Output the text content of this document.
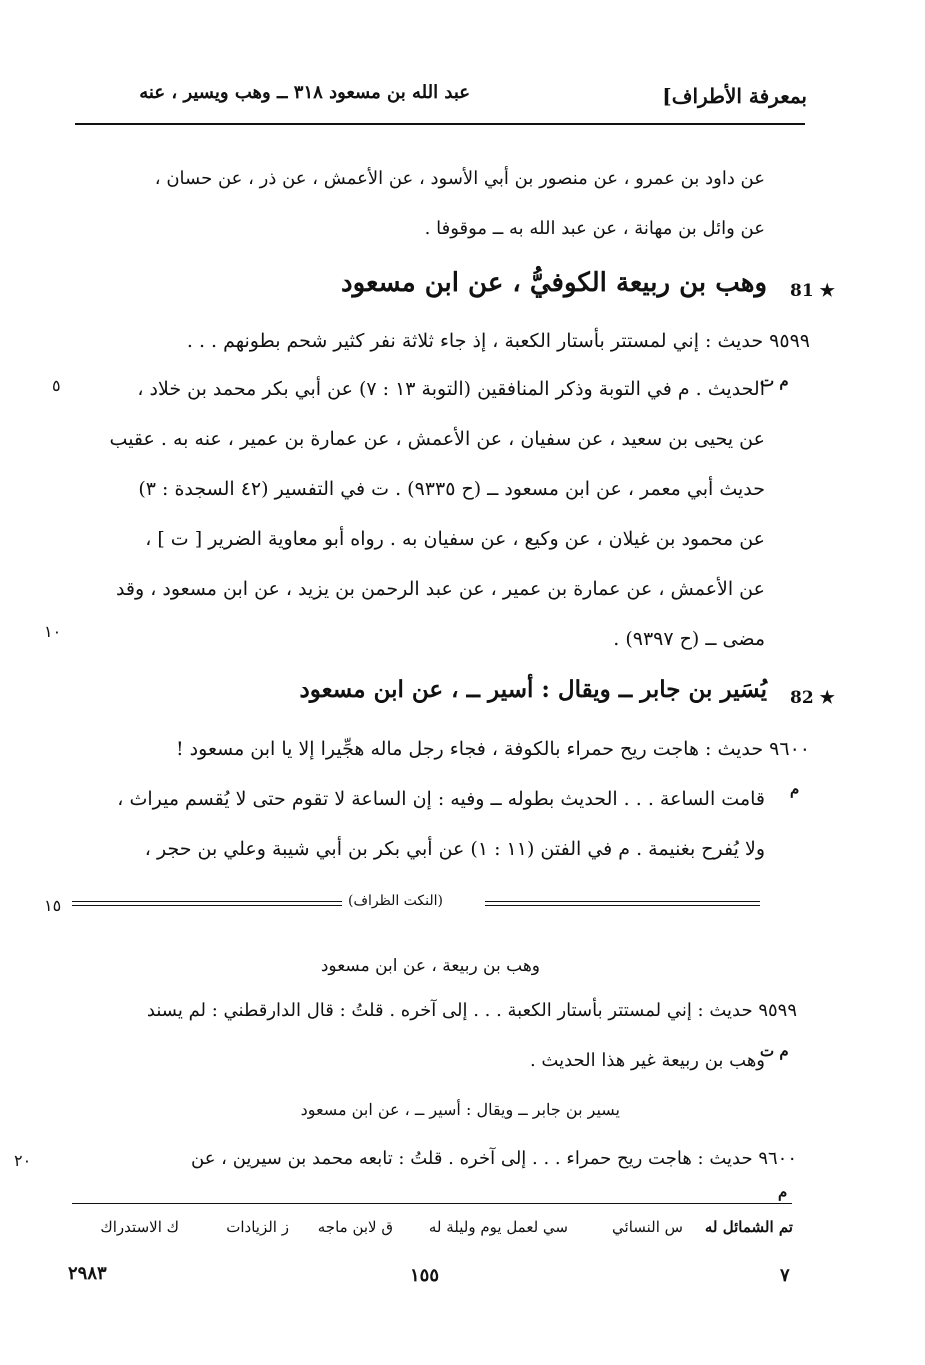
بمعرفة الأطراف]
عبد الله بن مسعود ٣١٨ ــ وهب ويسير ، عنه
عن داود بن عمرو ، عن منصور بن أبي الأسود ، عن الأعمش ، عن ذر ، عن حسان ،
عن وائل بن مهانة ، عن عبد الله به ــ موقوفا .
81 ★
وهب بن ربيعة الكوفيُّ ، عن ابن مسعود
٩٥٩٩ حديث : إني لمستتر بأستار الكعبة ، إذ جاء ثلاثة نفر كثير شحم بطونهم . . .
الحديث . م في التوبة وذكر المنافقين (التوبة ١٣ : ٧) عن أبي بكر محمد بن خلاد ،
عن يحيى بن سعيد ، عن سفيان ، عن الأعمش ، عن عمارة بن عمير ، عنه به . عقيب
حديث أبي معمر ، عن ابن مسعود ــ (ح ٩٣٣٥) . ت في التفسير (٤٢ السجدة : ٣)
عن محمود بن غيلان ، عن وكيع ، عن سفيان به . رواه أبو معاوية الضرير [ ت ] ،
عن الأعمش ، عن عمارة بن عمير ، عن عبد الرحمن بن يزيد ، عن ابن مسعود ، وقد
مضى ــ (ح ٩٣٩٧) .
م ت
٥
١٠
82 ★
يُسَير بن جابر ــ ويقال : أسير ــ ، عن ابن مسعود
٩٦٠٠ حديث : هاجت ريح حمراء بالكوفة ، فجاء رجل ماله هجِّيرا إلا يا ابن مسعود !
قامت الساعة . . . الحديث بطوله ــ وفيه : إن الساعة لا تقوم حتى لا يُقسم ميراث ،
ولا يُفرح بغنيمة . م في الفتن (١١ : ١) عن أبي بكر بن أبي شيبة وعلي بن حجر ،
م
(النكت الظراف)
١٥
وهب بن ربيعة ، عن ابن مسعود
٩٥٩٩ حديث : إني لمستتر بأستار الكعبة . . . إلى آخره . قلتُ : قال الدارقطني : لم يسند
وهب بن ربيعة غير هذا الحديث .
م ت
يسير بن جابر ــ ويقال : أسير ــ ، عن ابن مسعود
٩٦٠٠ حديث : هاجت ريح حمراء . . . إلى آخره . قلتُ : تابعه محمد بن سيرين ، عن
٢٠
م
تم الشمائل له
س النسائي
سي لعمل يوم وليلة له
ق لابن ماجه
ز الزيادات
ك الاستدراك
٢٩٨٣	١٥٥	٧
